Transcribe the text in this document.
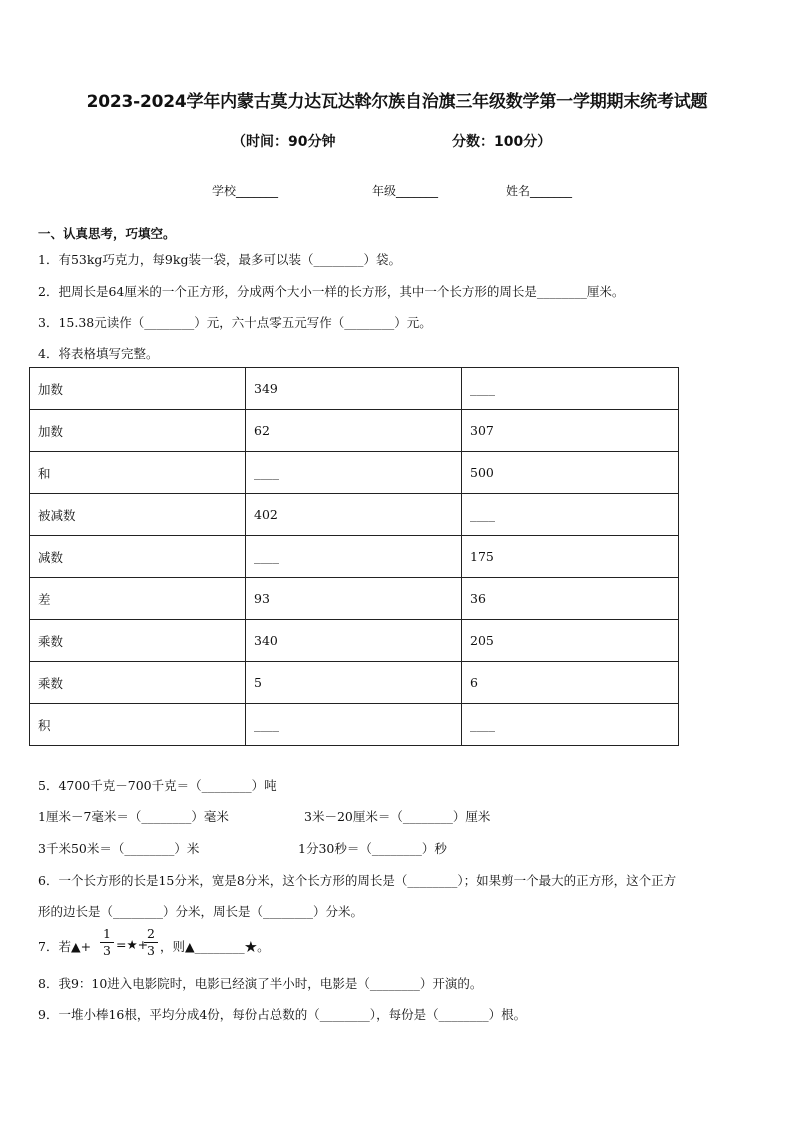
2023-2024学年内蒙古莫力达瓦达斡尔族自治旗三年级数学第一学期期末统考试题
（时间：90分钟	分数：100分）
学校_______	年级_______	姓名_______
一、认真思考，巧填空。
1．有53kg巧克力，每9kg装一袋，最多可以装（________）袋。
2．把周长是64厘米的一个正方形，分成两个大小一样的长方形，其中一个长方形的周长是________厘米。
3．15.38元读作（________）元，六十点零五元写作（________）元。
4．将表格填写完整。
加数	349	____
加数	62	307
和	____	500
被减数	402	____
减数	____	175
差	93	36
乘数	340	205
乘数	5	6
积	____	____
5．4700千克－700千克＝（________）吨
1厘米－7毫米＝（________）毫米	3米－20厘米＝（________）厘米
3千米50米＝（________）米	1分30秒＝（________）秒
6．一个长方形的长是15分米，宽是8分米，这个长方形的周长是（________）；如果剪一个最大的正方形，这个正方
形的边长是（________）分米，周长是（________）分米。
7．若▲+
1
3 =★+
2
3 ，则▲________★。
8．我9：10进入电影院时，电影已经演了半小时，电影是（________）开演的。
9．一堆小棒16根，平均分成4份，每份占总数的（________），每份是（________）根。
